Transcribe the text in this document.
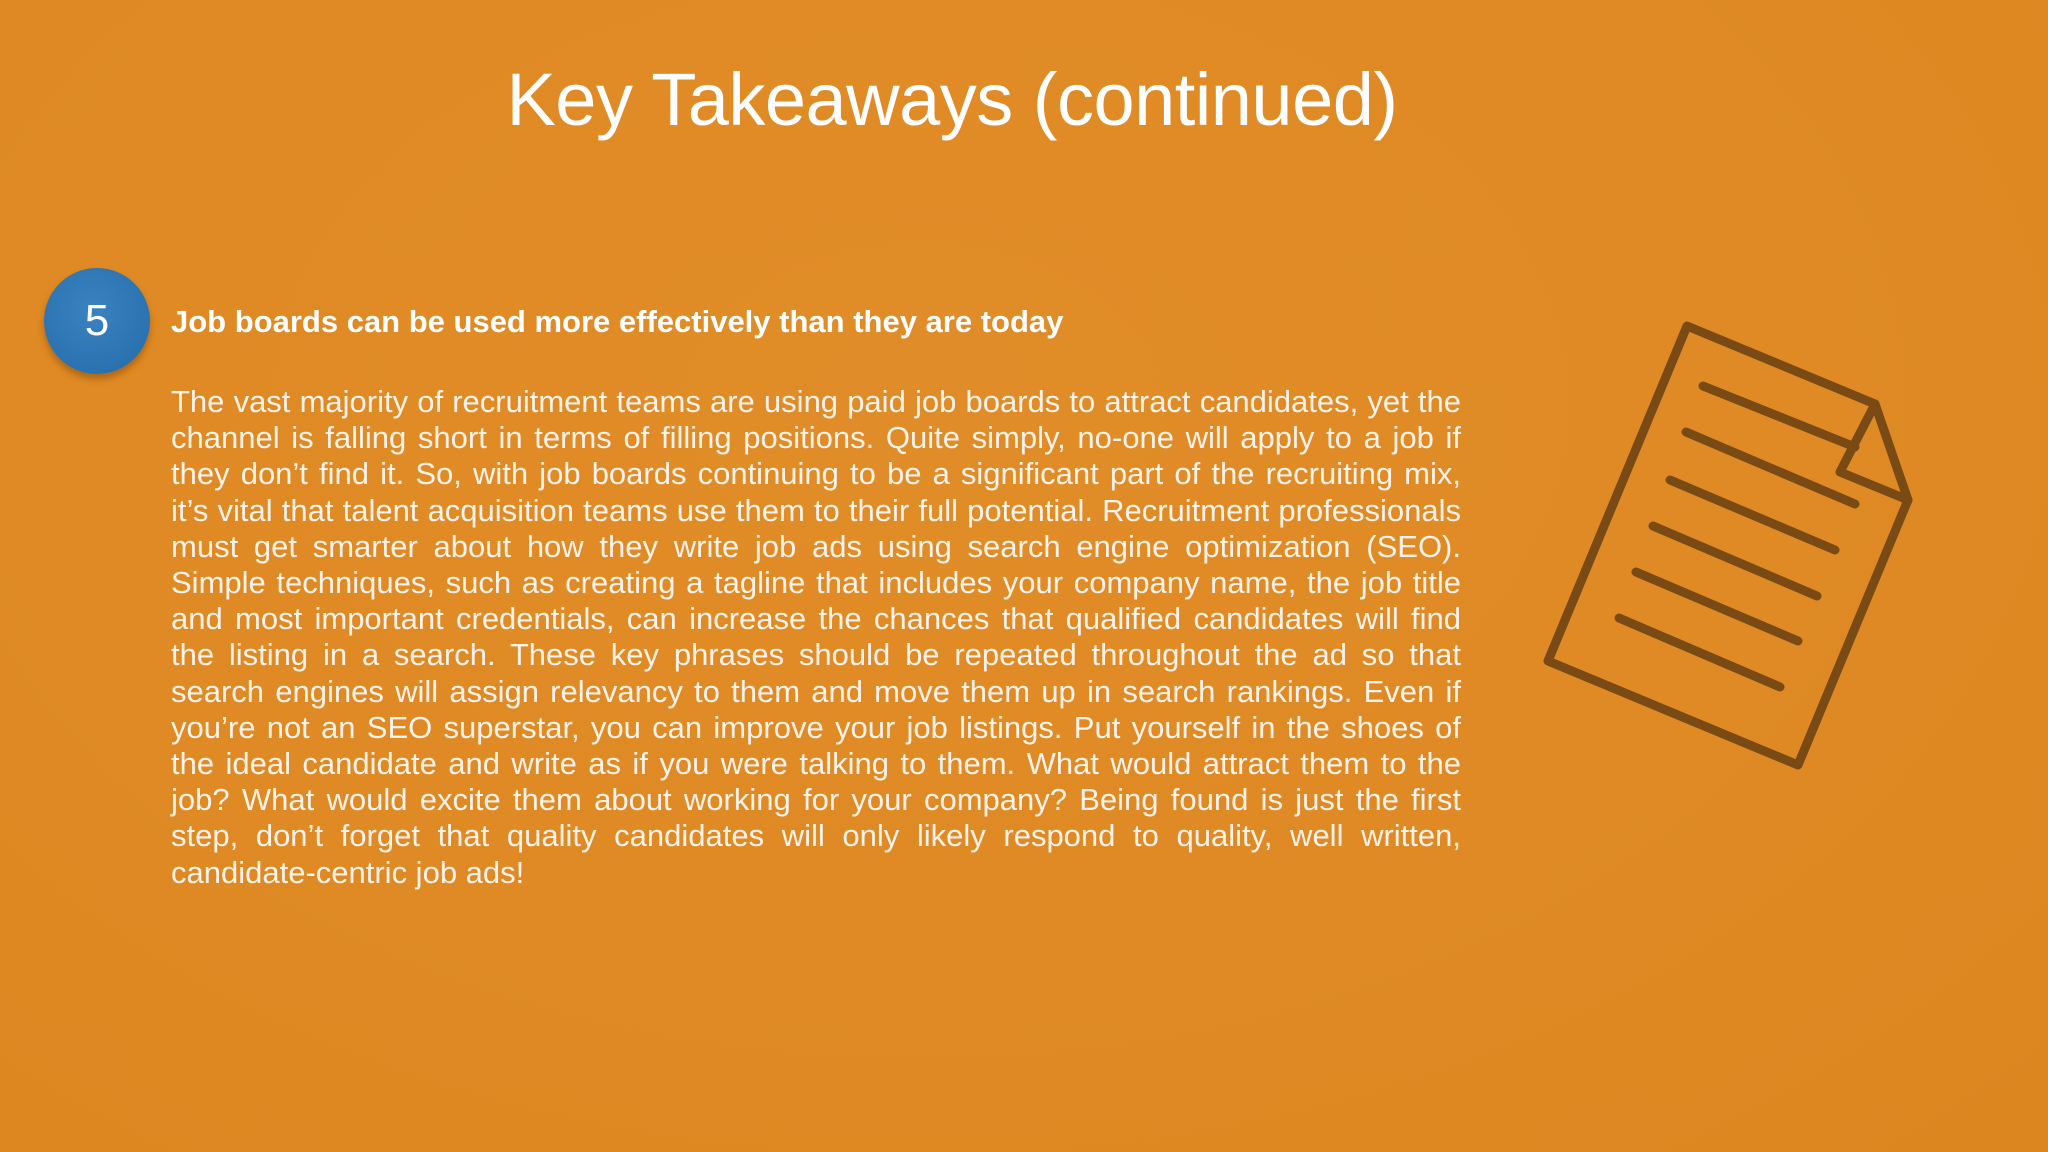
Key Takeaways (continued)
5	Job boards can be used more effectively than they are today

The vast majority of recruitment teams are using paid job boards to attract candidates, yet the channel is falling short in terms of filling positions. Quite simply, no-one will apply to a job if they don’t find it. So, with job boards continuing to be a significant part of the recruiting mix, it’s vital that talent acquisition teams use them to their full potential. Recruitment professionals must get smarter about how they write job ads using search engine optimization (SEO). Simple techniques, such as creating a tagline that includes your company name, the job title and most important credentials, can increase the chances that qualified candidates will find the listing in a search. These key phrases should be repeated throughout the ad so that search engines will assign relevancy to them and move them up in search rankings. Even if you’re not an SEO superstar, you can improve your job listings. Put yourself in the shoes of the ideal candidate and write as if you were talking to them. What would attract them to the job? What would excite them about working for your company? Being found is just the first step, don’t forget that quality candidates will only likely respond to quality, well written, candidate-centric job ads!
